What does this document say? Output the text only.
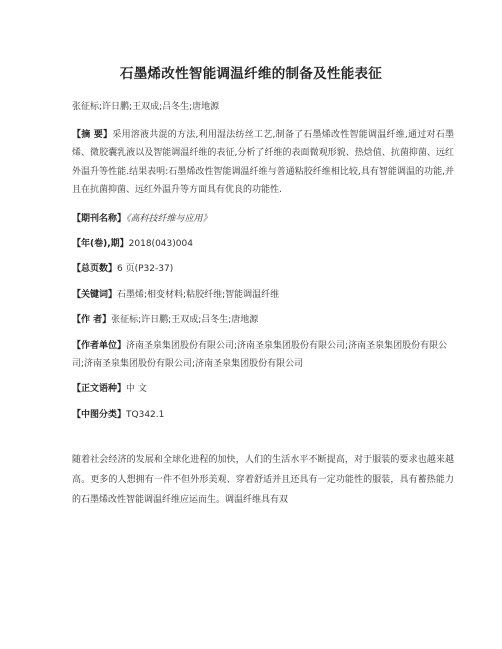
石墨烯改性智能调温纤维的制备及性能表征
张征标;许日鹏;王双成;吕冬生;唐地源
【摘 要】采用溶液共混的方法,利用湿法纺丝工艺,制备了石墨烯改性智能调温纤维,通过对石墨烯、微胶囊乳液以及智能调温纤维的表征,分析了纤维的表面微观形貌、热焓值、抗菌抑菌、远红外温升等性能.结果表明:石墨烯改性智能调温纤维与普通粘胶纤维相比较,具有智能调温的功能,并且在抗菌抑菌、远红外温升等方面具有优良的功能性.
【期刊名称】《高科技纤维与应用》
【年(卷),期】2018(043)004
【总页数】6 页(P32-37)
【关键词】石墨烯;相变材料;粘胶纤维;智能调温纤维
【作 者】张征标;许日鹏;王双成;吕冬生;唐地源
【作者单位】济南圣泉集团股份有限公司;济南圣泉集团股份有限公司;济南圣泉集团股份有限公司;济南圣泉集团股份有限公司;济南圣泉集团股份有限公司
【正文语种】中 文
【中图分类】TQ342.1
随着社会经济的发展和全球化进程的加快，人们的生活水平不断提高，对于服装的要求也越来越高。更多的人想拥有一件不但外形美观、穿着舒适并且还具有一定功能性的服装，具有蓄热能力的石墨烯改性智能调温纤维应运而生。调温纤维具有双
